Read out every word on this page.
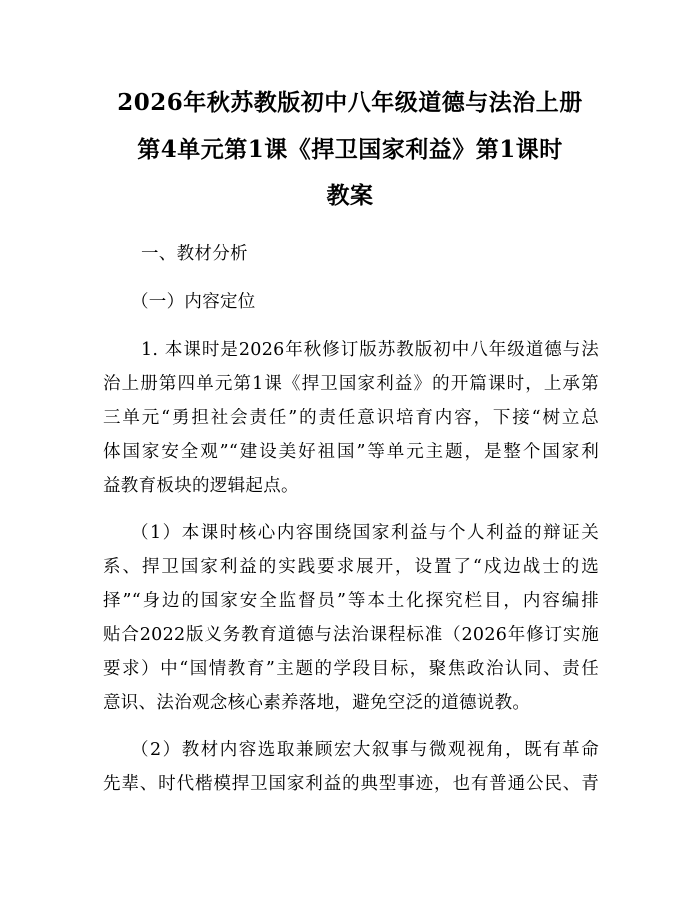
2026年秋苏教版初中八年级道德与法治上册
第4单元第1课《捍卫国家利益》第1课时
教案
一、教材分析
（一）内容定位
1. 本课时是2026年秋修订版苏教版初中八年级道德与法
治上册第四单元第1课《捍卫国家利益》的开篇课时，上承第
三单元“勇担社会责任”的责任意识培育内容，下接“树立总
体国家安全观”“建设美好祖国”等单元主题，是整个国家利
益教育板块的逻辑起点。
（1）本课时核心内容围绕国家利益与个人利益的辩证关
系、捍卫国家利益的实践要求展开，设置了“戍边战士的选
择”“身边的国家安全监督员”等本土化探究栏目，内容编排
贴合2022版义务教育道德与法治课程标准（2026年修订实施
要求）中“国情教育”主题的学段目标，聚焦政治认同、责任
意识、法治观念核心素养落地，避免空泛的道德说教。
（2）教材内容选取兼顾宏大叙事与微观视角，既有革命
先辈、时代楷模捍卫国家利益的典型事迹，也有普通公民、青
